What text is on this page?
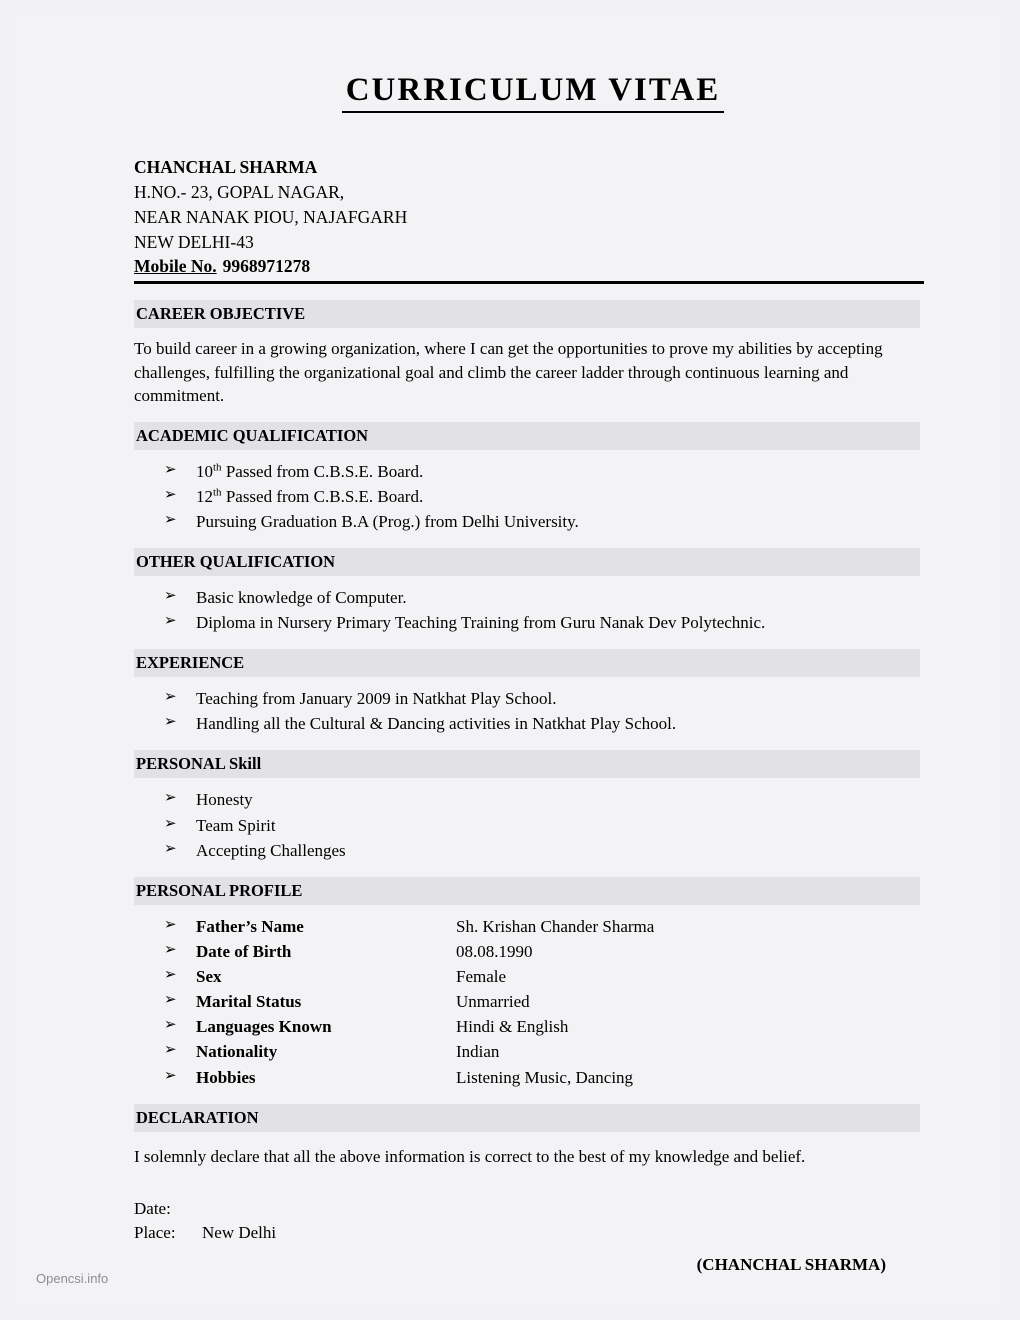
CURRICULUM VITAE
CHANCHAL SHARMA
H.NO.- 23, GOPAL NAGAR,
NEAR NANAK PIOU, NAJAFGARH
NEW DELHI-43
Mobile No. 9968971278
CAREER OBJECTIVE

To build career in a growing organization, where I can get the opportunities to prove my abilities by accepting challenges, fulfilling the organizational goal and climb the career ladder through continuous learning and commitment.

ACADEMIC QUALIFICATION
➢ 10th Passed from C.B.S.E. Board.
➢ 12th Passed from C.B.S.E. Board.
➢ Pursuing Graduation B.A (Prog.) from Delhi University.
OTHER QUALIFICATION
➢ Basic knowledge of Computer.
➢ Diploma in Nursery Primary Teaching Training from Guru Nanak Dev Polytechnic.
EXPERIENCE
➢ Teaching from January 2009 in Natkhat Play School.
➢ Handling all the Cultural & Dancing activities in Natkhat Play School.
PERSONAL Skill
➢ Honesty
➢ Team Spirit
➢ Accepting Challenges
PERSONAL PROFILE
➢ Father’s Name	Sh. Krishan Chander Sharma
➢ Date of Birth	08.08.1990
➢ Sex	Female
➢ Marital Status	Unmarried
➢ Languages Known	Hindi & English
➢ Nationality	Indian
➢ Hobbies	Listening Music, Dancing
DECLARATION

I solemnly declare that all the above information is correct to the best of my knowledge and belief.

Date:
Place:	New Delhi
(CHANCHAL SHARMA)
Opencsi.info
